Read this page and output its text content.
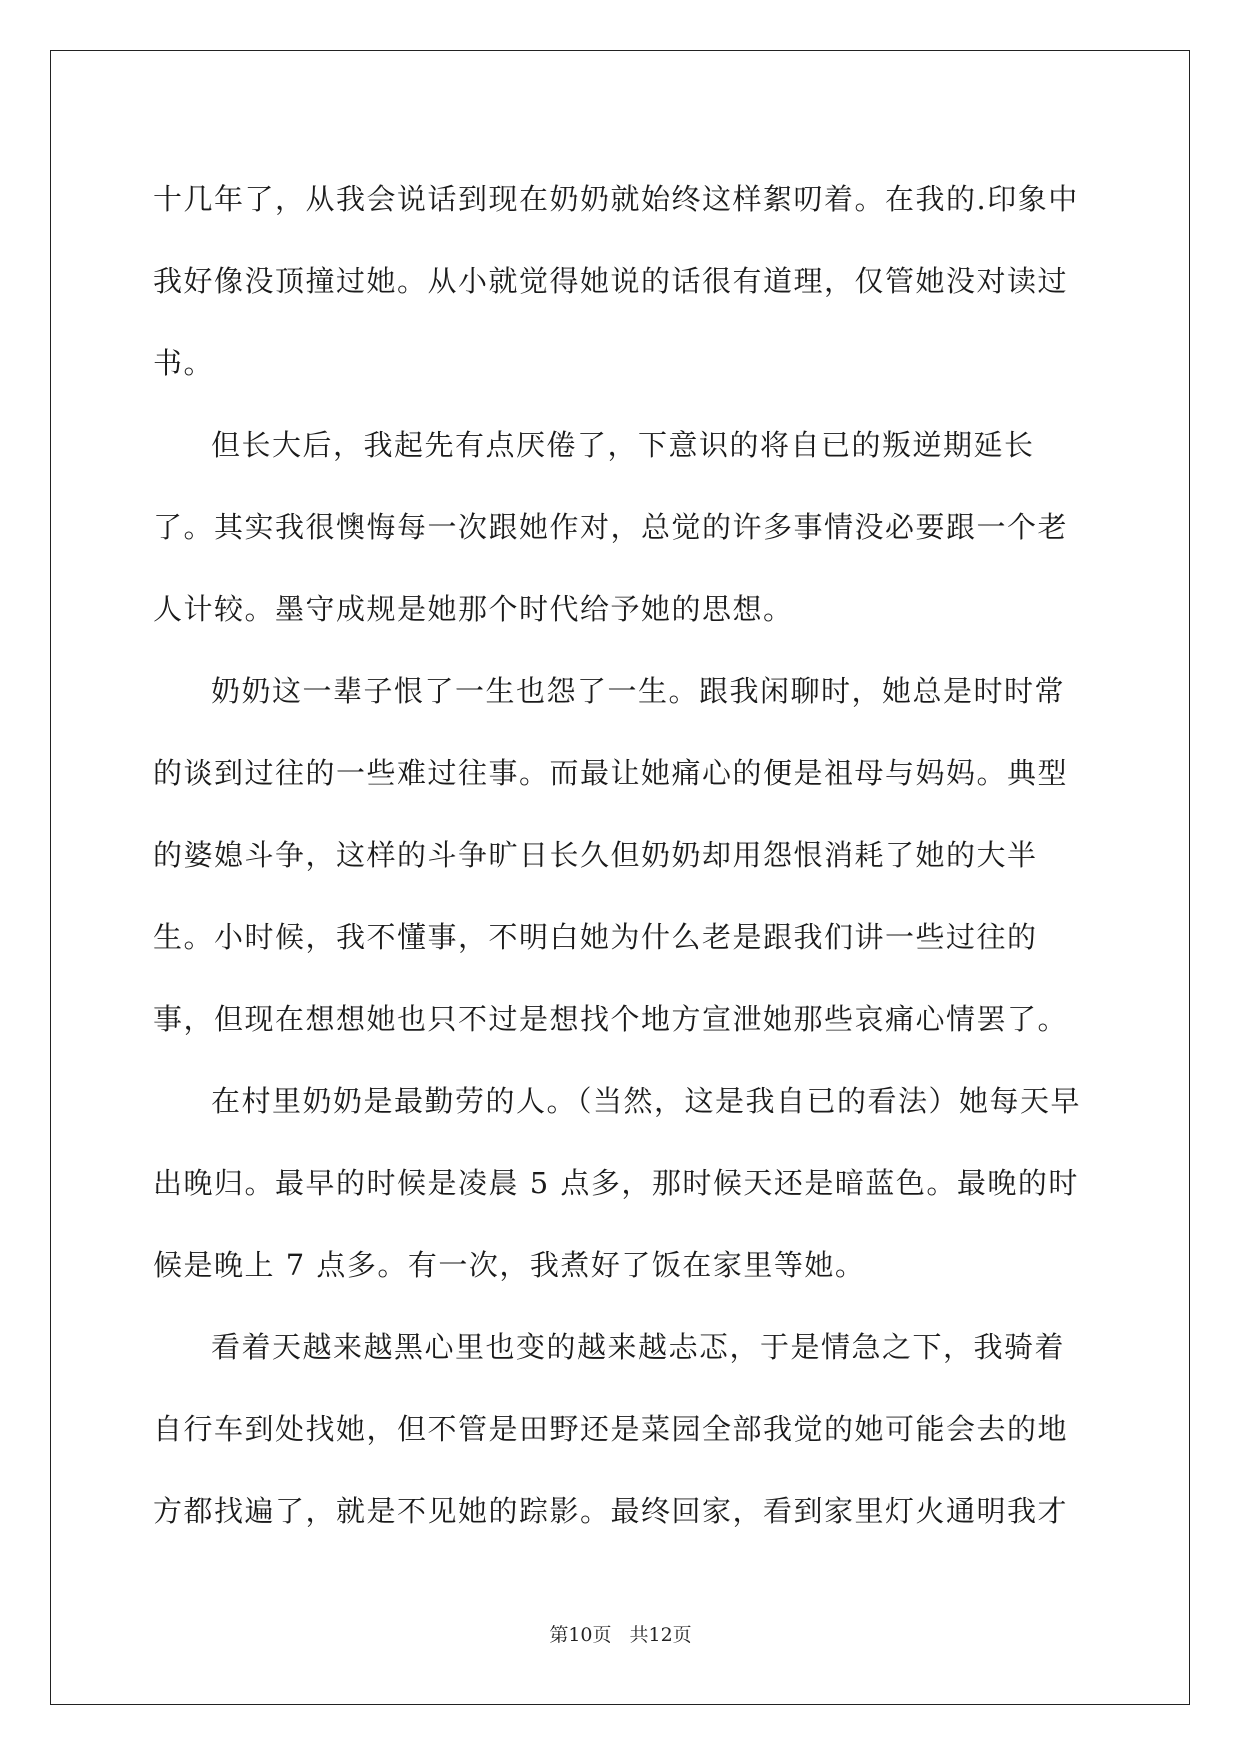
十几年了，从我会说话到现在奶奶就始终这样絮叨着。在我的.印象中我好像没顶撞过她。从小就觉得她说的话很有道理，仅管她没对读过书。

但长大后，我起先有点厌倦了，下意识的将自已的叛逆期延长了。其实我很懊悔每一次跟她作对，总觉的许多事情没必要跟一个老人计较。墨守成规是她那个时代给予她的思想。

奶奶这一辈子恨了一生也怨了一生。跟我闲聊时，她总是时时常的谈到过往的一些难过往事。而最让她痛心的便是祖母与妈妈。典型的婆媳斗争，这样的斗争旷日长久但奶奶却用怨恨消耗了她的大半生。小时候，我不懂事，不明白她为什么老是跟我们讲一些过往的事，但现在想想她也只不过是想找个地方宣泄她那些哀痛心情罢了。

在村里奶奶是最勤劳的人。（当然，这是我自已的看法）她每天早出晚归。最早的时候是凌晨 5 点多，那时候天还是暗蓝色。最晚的时候是晚上 7 点多。有一次，我煮好了饭在家里等她。

看着天越来越黑心里也变的越来越忐忑，于是情急之下，我骑着自行车到处找她，但不管是田野还是菜园全部我觉的她可能会去的地方都找遍了，就是不见她的踪影。最终回家，看到家里灯火通明我才

第10页 共12页
